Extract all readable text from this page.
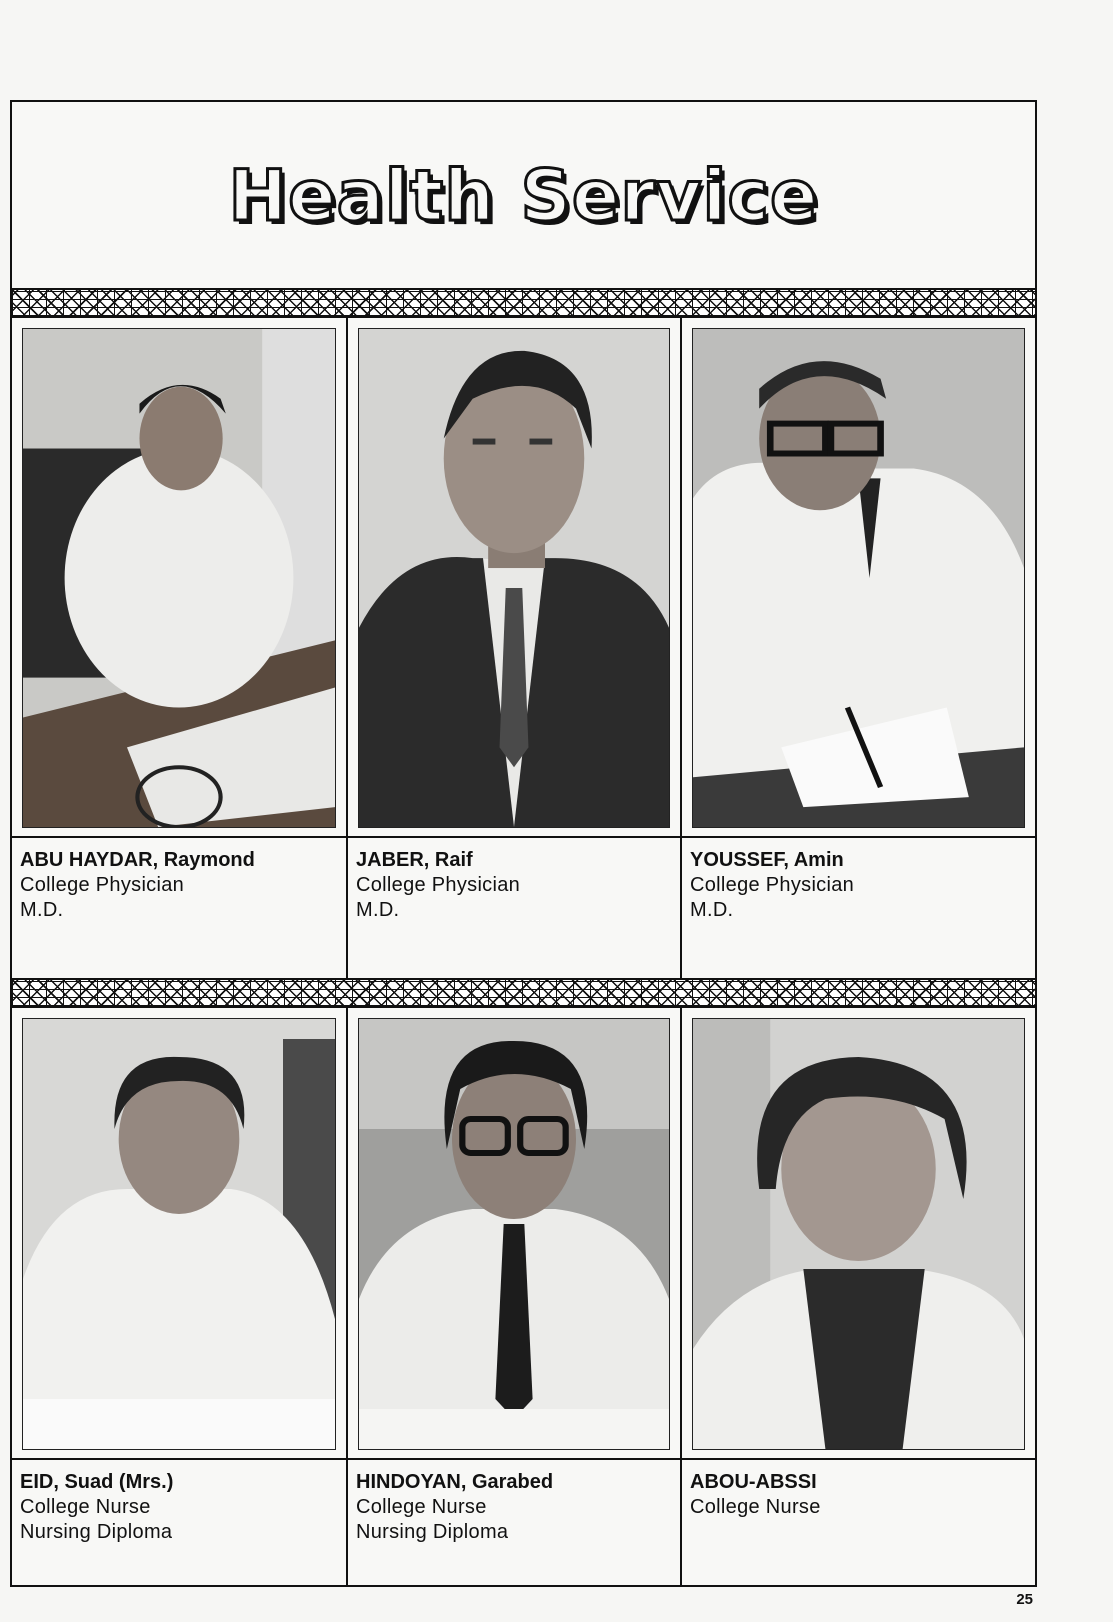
Health Service
ABU HAYDAR, Raymond
College Physician
M.D.
JABER, Raif
College Physician
M.D.
YOUSSEF, Amin
College Physician
M.D.
EID, Suad (Mrs.)
College Nurse
Nursing Diploma
HINDOYAN, Garabed
College Nurse
Nursing Diploma
ABOU-ABSSI
College Nurse
25
